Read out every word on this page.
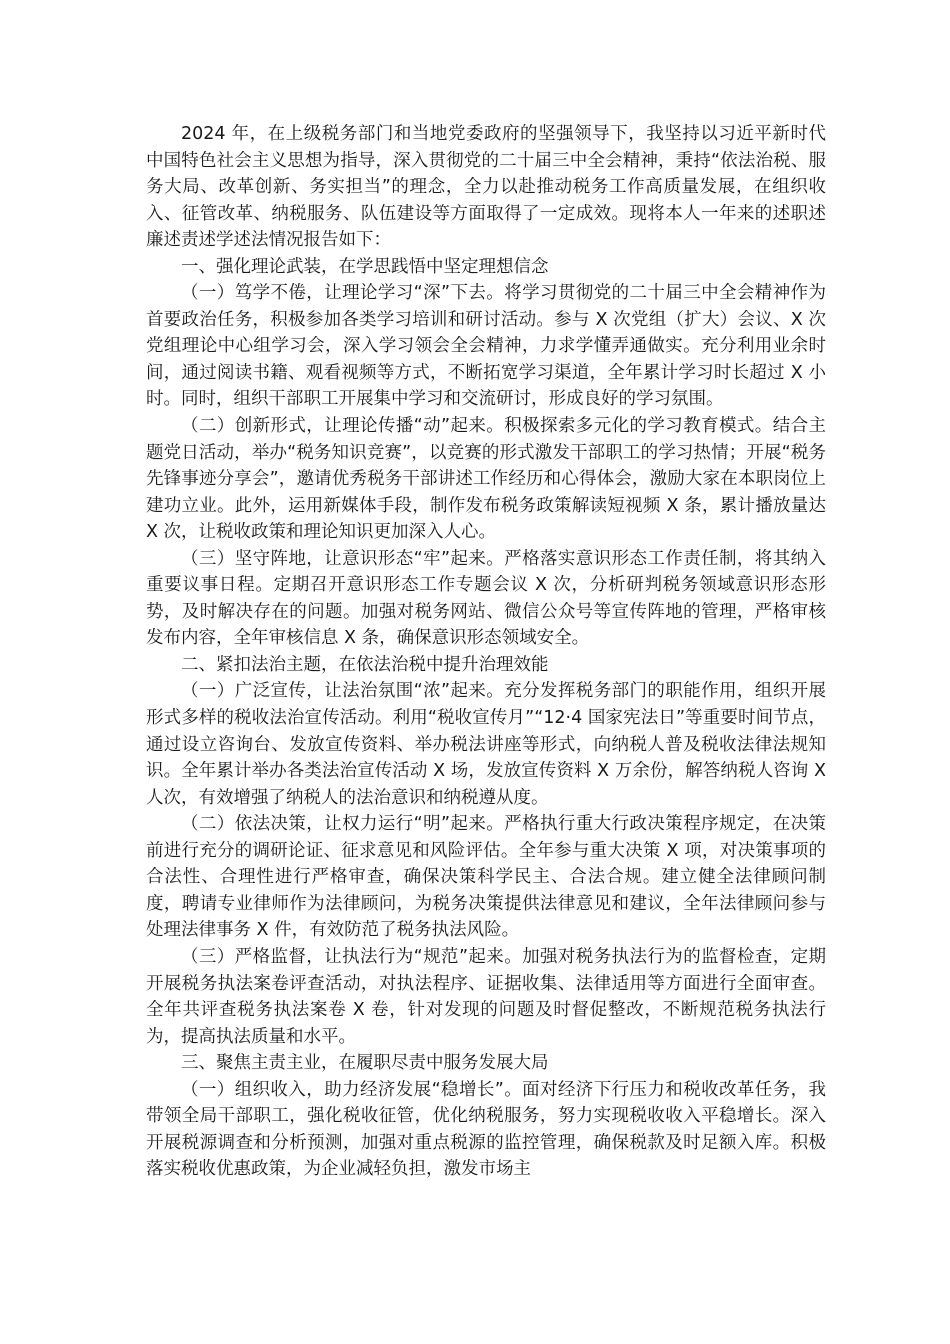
2024 年，在上级税务部门和当地党委政府的坚强领导下，我坚持以习近平新时代中国特色社会主义思想为指导，深入贯彻党的二十届三中全会精神，秉持“依法治税、服务大局、改革创新、务实担当”的理念，全力以赴推动税务工作高质量发展，在组织收入、征管改革、纳税服务、队伍建设等方面取得了一定成效。现将本人一年来的述职述廉述责述学述法情况报告如下：

一、强化理论武装，在学思践悟中坚定理想信念

（一）笃学不倦，让理论学习“深”下去。将学习贯彻党的二十届三中全会精神作为首要政治任务，积极参加各类学习培训和研讨活动。参与 X 次党组（扩大）会议、X 次党组理论中心组学习会，深入学习领会全会精神，力求学懂弄通做实。充分利用业余时间，通过阅读书籍、观看视频等方式，不断拓宽学习渠道，全年累计学习时长超过 X 小时。同时，组织干部职工开展集中学习和交流研讨，形成良好的学习氛围。

（二）创新形式，让理论传播“动”起来。积极探索多元化的学习教育模式。结合主题党日活动，举办“税务知识竞赛”，以竞赛的形式激发干部职工的学习热情；开展“税务先锋事迹分享会”，邀请优秀税务干部讲述工作经历和心得体会，激励大家在本职岗位上建功立业。此外，运用新媒体手段，制作发布税务政策解读短视频 X 条，累计播放量达 X 次，让税收政策和理论知识更加深入人心。

（三）坚守阵地，让意识形态“牢”起来。严格落实意识形态工作责任制，将其纳入重要议事日程。定期召开意识形态工作专题会议 X 次，分析研判税务领域意识形态形势，及时解决存在的问题。加强对税务网站、微信公众号等宣传阵地的管理，严格审核发布内容，全年审核信息 X 条，确保意识形态领域安全。

二、紧扣法治主题，在依法治税中提升治理效能

（一）广泛宣传，让法治氛围“浓”起来。充分发挥税务部门的职能作用，组织开展形式多样的税收法治宣传活动。利用“税收宣传月”“12·4 国家宪法日”等重要时间节点，通过设立咨询台、发放宣传资料、举办税法讲座等形式，向纳税人普及税收法律法规知识。全年累计举办各类法治宣传活动 X 场，发放宣传资料 X 万余份，解答纳税人咨询 X 人次，有效增强了纳税人的法治意识和纳税遵从度。

（二）依法决策，让权力运行“明”起来。严格执行重大行政决策程序规定，在决策前进行充分的调研论证、征求意见和风险评估。全年参与重大决策 X 项，对决策事项的合法性、合理性进行严格审查，确保决策科学民主、合法合规。建立健全法律顾问制度，聘请专业律师作为法律顾问，为税务决策提供法律意见和建议，全年法律顾问参与处理法律事务 X 件，有效防范了税务执法风险。

（三）严格监督，让执法行为“规范”起来。加强对税务执法行为的监督检查，定期开展税务执法案卷评查活动，对执法程序、证据收集、法律适用等方面进行全面审查。全年共评查税务执法案卷 X 卷，针对发现的问题及时督促整改，不断规范税务执法行为，提高执法质量和水平。

三、聚焦主责主业，在履职尽责中服务发展大局

（一）组织收入，助力经济发展“稳增长”。面对经济下行压力和税收改革任务，我带领全局干部职工，强化税收征管，优化纳税服务，努力实现税收收入平稳增长。深入开展税源调查和分析预测，加强对重点税源的监控管理，确保税款及时足额入库。积极落实税收优惠政策，为企业减轻负担，激发市场主
